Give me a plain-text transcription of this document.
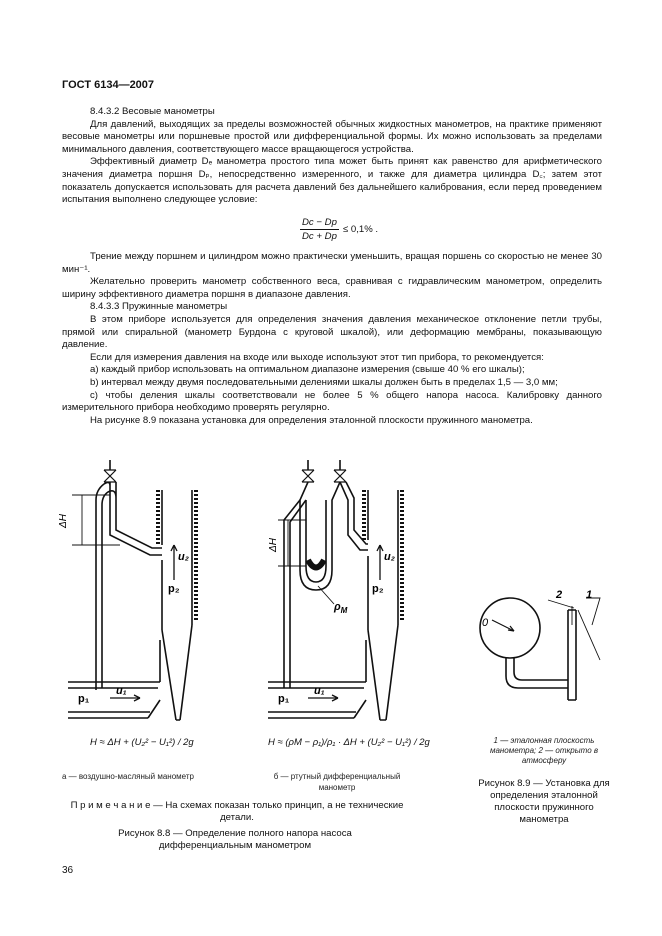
ГОСТ 6134—2007

8.4.3.2 Весовые манометры

Для давлений, выходящих за пределы возможностей обычных жидкостных манометров, на практике применяют весовые манометры или поршневые простой или дифференциальной формы. Их можно использовать за пределами минимального давления, соответствующего массе вращающегося устройства.

Эффективный диаметр Dₑ манометра простого типа может быть принят как равенство для арифметического значения диаметра поршня Dₚ, непосредственно измеренного, и также для диаметра цилиндра D꜀; затем этот показатель допускается использовать для расчета давлений без дальнейшего калибрования, если перед проведением испытания выполнено следующее условие:

$\frac{Dc - Dp}{Dc + Dp} \le 0,1\%$ .

Трение между поршнем и цилиндром можно практически уменьшить, вращая поршень со скоростью не менее 30 мин⁻¹.

Желательно проверить манометр собственного веса, сравнивая с гидравлическим манометром, определить ширину эффективного диаметра поршня в диапазоне давления.

8.4.3.3 Пружинные манометры

В этом приборе используется для определения значения давления механическое отклонение петли трубы, прямой или спиральной (манометр Бурдона с круговой шкалой), или деформацию мембраны, показывающую давление.

Если для измерения давления на входе или выходе используют этот тип прибора, то рекомендуется:

а) каждый прибор использовать на оптимальном диапазоне измерения (свыше 40 % его шкалы);

b) интервал между двумя последовательными делениями шкалы должен быть в пределах 1,5 — 3,0 мм;

с) чтобы деления шкалы соответствовали не более 5 % общего напора насоса. Калибровку данного измерительного прибора необходимо проверять регулярно.

На рисунке 8.9 показана установка для определения эталонной плоскости пружинного манометра.

ΔH
u₂
p₂
p₁
u₁
ΔH
u₂
p₂
p₁
u₁
$\rho_M$
0
2 1
H ≈ ΔH + (U₂² − U₁²) / 2g	H ≈ (ρM − ρ₁)/ρ₁ · ΔH + (U₂² − U₁²) / 2g
а — воздушно-масляный манометр	б — ртутный дифференциальный манометр
П р и м е ч а н и е — На схемах показан только принцип, а не технические детали.
Рисунок 8.8 — Определение полного напора насоса дифференциальным манометром
1 — эталонная плоскость манометра; 2 — открыто в атмосферу
Рисунок 8.9 — Установка для определения эталонной плоскости пружинного манометра
36
